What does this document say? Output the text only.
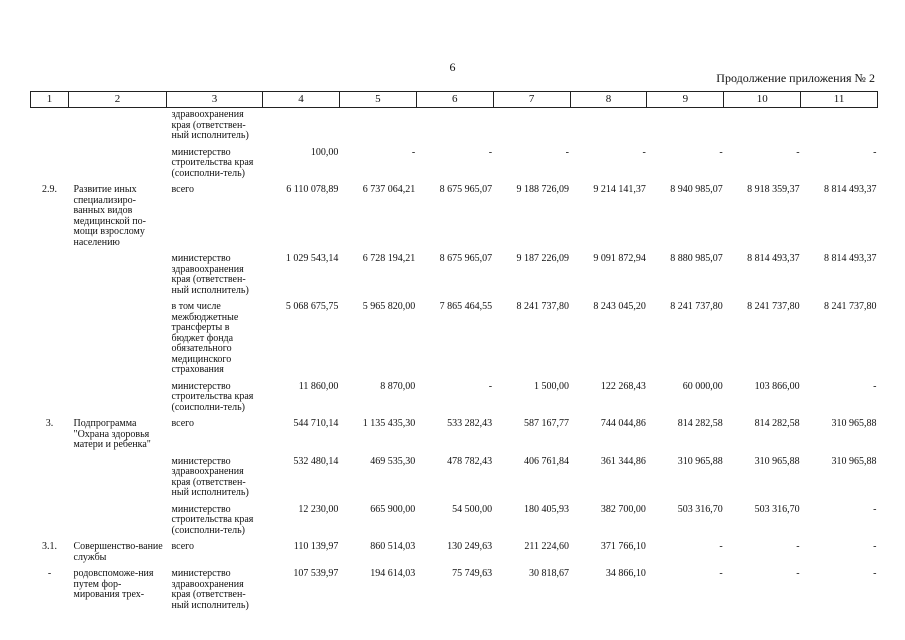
6
Продолжение приложения № 2
1	2	3	4	5	6	7	8	9	10	11
		здравоохранения края (ответствен-ный исполнитель)								
		министерство строительства края (соисполни-тель)	100,00	-	-	-	-	-	-	-
2.9.	Развитие иных специализиро-ванных видов медицинской по-мощи взрослому населению	всего	6 110 078,89	6 737 064,21	8 675 965,07	9 188 726,09	9 214 141,37	8 940 985,07	8 918 359,37	8 814 493,37
		министерство здравоохранения края (ответствен-ный исполнитель)	1 029 543,14	6 728 194,21	8 675 965,07	9 187 226,09	9 091 872,94	8 880 985,07	8 814 493,37	8 814 493,37
		в том числе межбюджетные трансферты в бюджет фонда обязательного медицинского страхования	5 068 675,75	5 965 820,00	7 865 464,55	8 241 737,80	8 243 045,20	8 241 737,80	8 241 737,80	8 241 737,80
		министерство строительства края (соисполни-тель)	11 860,00	8 870,00	-	1 500,00	122 268,43	60 000,00	103 866,00	-
3.	Подпрограмма "Охрана здоровья матери и ребенка"	всего	544 710,14	1 135 435,30	533 282,43	587 167,77	744 044,86	814 282,58	814 282,58	310 965,88
		министерство здравоохранения края (ответствен-ный исполнитель)	532 480,14	469 535,30	478 782,43	406 761,84	361 344,86	310 965,88	310 965,88	310 965,88
		министерство строительства края (соисполни-тель)	12 230,00	665 900,00	54 500,00	180 405,93	382 700,00	503 316,70	503 316,70	-
3.1.	Совершенство-вание службы	всего	110 139,97	860 514,03	130 249,63	211 224,60	371 766,10	-	-	-
-	родовспоможе-ния путем фор-мирования трех-	министерство здравоохранения края (ответствен-ный исполнитель)	107 539,97	194 614,03	75 749,63	30 818,67	34 866,10	-	-	-
